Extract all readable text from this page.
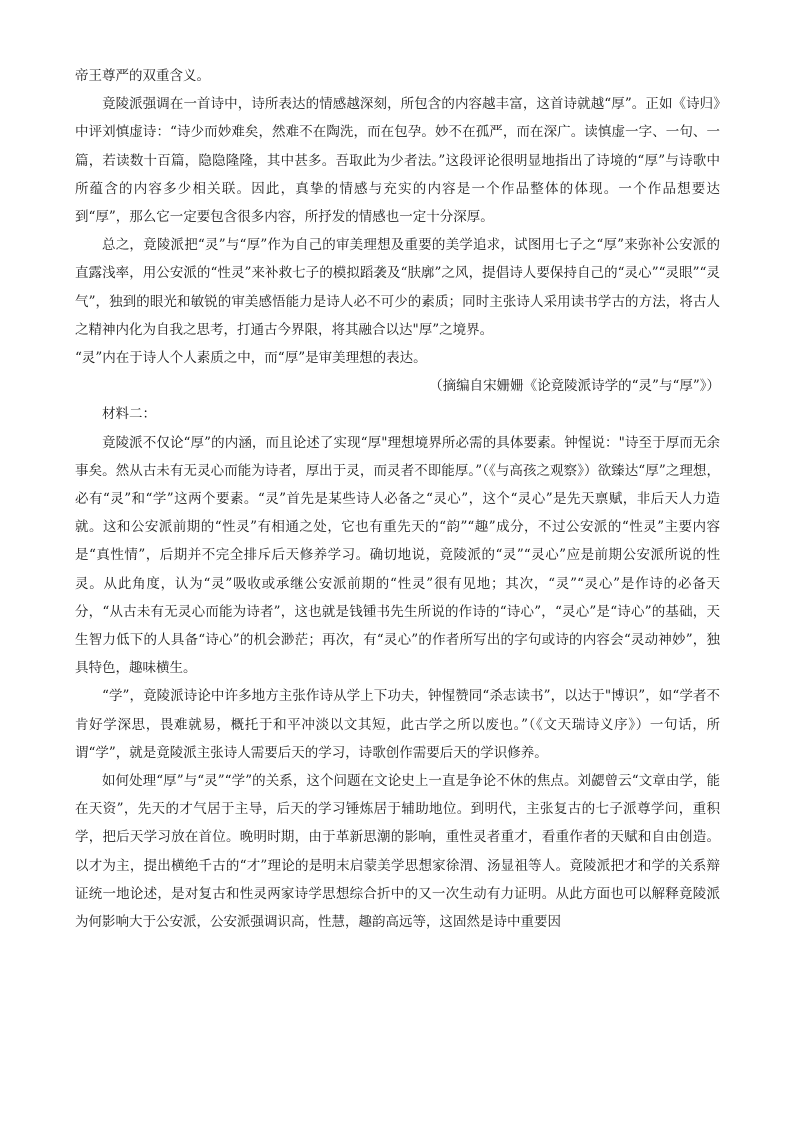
帝王尊严的双重含义。

竟陵派强调在一首诗中，诗所表达的情感越深刻，所包含的内容越丰富，这首诗就越“厚”。正如《诗归》中评刘慎虚诗：“诗少而妙难矣，然难不在陶洗，而在包孕。妙不在孤严，而在深广。读慎虚一字、一句、一篇，若读数十百篇，隐隐隆隆，其中甚多。吾取此为少者法。”这段评论很明显地指出了诗境的“厚”与诗歌中所蕴含的内容多少相关联。因此，真挚的情感与充实的内容是一个作品整体的体现。一个作品想要达到“厚”，那么它一定要包含很多内容，所抒发的情感也一定十分深厚。

总之，竟陵派把“灵”与“厚”作为自己的审美理想及重要的美学追求，试图用七子之“厚”来弥补公安派的直露浅率，用公安派的“性灵”来补救七子的模拟蹈袭及“肤廓”之风，提倡诗人要保持自己的“灵心”“灵眼”“灵气”，独到的眼光和敏锐的审美感悟能力是诗人必不可少的素质；同时主张诗人采用读书学古的方法，将古人之精神内化为自我之思考，打通古今界限，将其融合以达"厚”之境界。

“灵”内在于诗人个人素质之中，而“厚”是审美理想的表达。

（摘编自宋姗姗《论竟陵派诗学的“灵”与“厚”》）

材料二：

竟陵派不仅论“厚”的内涵，而且论述了实现“厚"理想境界所必需的具体要素。钟惺说："诗至于厚而无余事矣。然从古未有无灵心而能为诗者，厚出于灵，而灵者不即能厚。”（《与高孩之观察》）欲臻达“厚”之理想，必有“灵”和“学”这两个要素。“灵”首先是某些诗人必备之“灵心”，这个“灵心”是先天禀赋，非后天人力造就。这和公安派前期的“性灵”有相通之处，它也有重先天的“韵”“趣”成分，不过公安派的“性灵”主要内容是“真性情”，后期并不完全排斥后天修养学习。确切地说，竟陵派的“灵”“灵心”应是前期公安派所说的性灵。从此角度，认为“灵”吸收或承继公安派前期的“性灵”很有见地；其次，“灵”“灵心”是作诗的必备天分，“从古未有无灵心而能为诗者”，这也就是钱锺书先生所说的作诗的“诗心”，“灵心”是“诗心”的基础，天生智力低下的人具备“诗心”的机会渺茫；再次，有“灵心”的作者所写出的字句或诗的内容会“灵动神妙”，独具特色，趣味横生。

“学”，竟陵派诗论中许多地方主张作诗从学上下功夫，钟惺赞同“杀志读书”，以达于"博识”，如“学者不肯好学深思，畏难就易，概托于和平冲淡以文其短，此古学之所以废也。”（《文天瑞诗义序》）一句话，所谓“学”，就是竟陵派主张诗人需要后天的学习，诗歌创作需要后天的学识修养。

如何处理“厚”与“灵”“学”的关系，这个问题在文论史上一直是争论不休的焦点。刘勰曾云“文章由学，能在天资”，先天的才气居于主导，后天的学习锤炼居于辅助地位。到明代，主张复古的七子派尊学问，重积学，把后天学习放在首位。晚明时期，由于革新思潮的影响，重性灵者重才，看重作者的天赋和自由创造。以才为主，提出横绝千古的“才”理论的是明末启蒙美学思想家徐渭、汤显祖等人。竟陵派把才和学的关系辩证统一地论述，是对复古和性灵两家诗学思想综合折中的又一次生动有力证明。从此方面也可以解释竟陵派为何影响大于公安派，公安派强调识高，性慧，趣韵高远等，这固然是诗中重要因
